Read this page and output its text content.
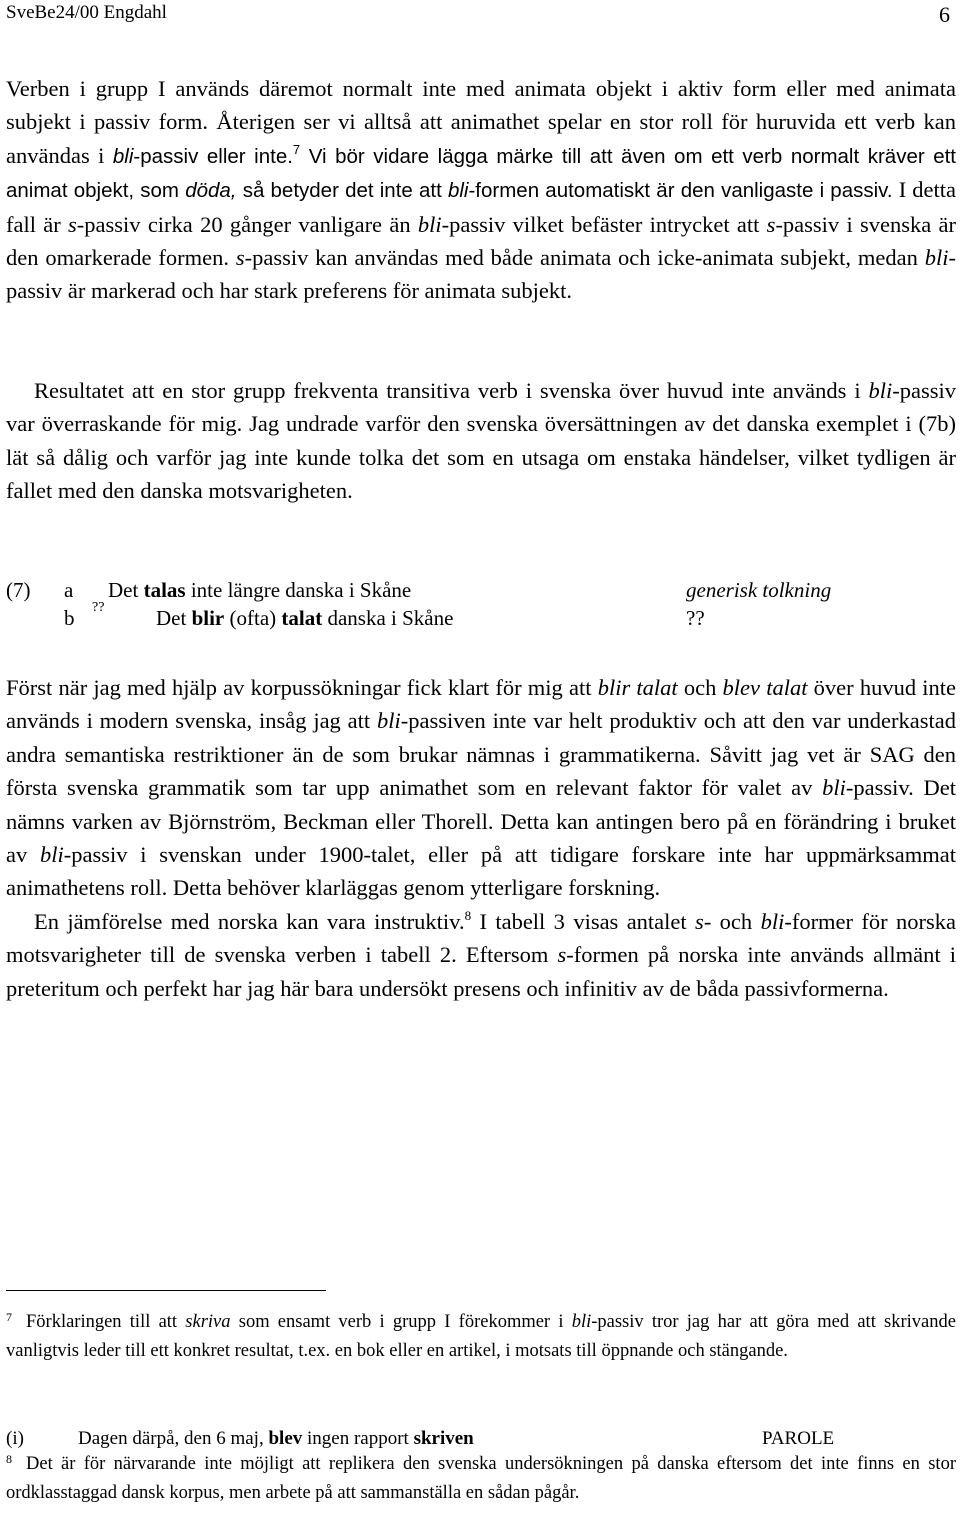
SveBe24/00 Engdahl	6

Verben i grupp I används däremot normalt inte med animata objekt i aktiv form eller med animata subjekt i passiv form. Återigen ser vi alltså att animathet spelar en stor roll för huruvida ett verb kan användas i bli-passiv eller inte.$^7$ Vi bör vidare lägga märke till att även om ett verb normalt kräver ett animat objekt, som döda, så betyder det inte att bli-formen automatiskt är den vanligaste i passiv. I detta fall är s-passiv cirka 20 gånger vanligare än bli-passiv vilket befäster intrycket att s-passiv i svenska är den omarkerade formen. s-passiv kan användas med både animata och icke-animata subjekt, medan bli-passiv är markerad och har stark preferens för animata subjekt.

Resultatet att en stor grupp frekventa transitiva verb i svenska över huvud inte används i bli-passiv var överraskande för mig. Jag undrade varför den svenska översättningen av det danska exemplet i (7b) lät så dålig och varför jag inte kunde tolka det som en utsaga om enstaka händelser, vilket tydligen är fallet med den danska motsvarigheten.

(7) a Det talas inte längre danska i Skåne	generisk tolkning
b ?? Det blir (ofta) talat danska i Skåne	??

Först när jag med hjälp av korpussökningar fick klart för mig att blir talat och blev talat över huvud inte används i modern svenska, insåg jag att bli-passiven inte var helt produktiv och att den var underkastad andra semantiska restriktioner än de som brukar nämnas i grammatikerna. Såvitt jag vet är SAG den första svenska grammatik som tar upp animathet som en relevant faktor för valet av bli-passiv. Det nämns varken av Björnström, Beckman eller Thorell. Detta kan antingen bero på en förändring i bruket av bli-passiv i svenskan under 1900-talet, eller på att tidigare forskare inte har uppmärksammat animathetens roll. Detta behöver klarläggas genom ytterligare forskning.

En jämförelse med norska kan vara instruktiv.$^8$ I tabell 3 visas antalet s- och bli-former för norska motsvarigheter till de svenska verben i tabell 2. Eftersom s-formen på norska inte används allmänt i preteritum och perfekt har jag här bara undersökt presens och infinitiv av de båda passivformerna.

$^7$ Förklaringen till att skriva som ensamt verb i grupp I förekommer i bli-passiv tror jag har att göra med att skrivande vanligtvis leder till ett konkret resultat, t.ex. en bok eller en artikel, i motsats till öppnande och stängande.

(i)	Dagen därpå, den 6 maj, blev ingen rapport skriven	PAROLE

$^8$ Det är för närvarande inte möjligt att replikera den svenska undersökningen på danska eftersom det inte finns en stor ordklasstaggad dansk korpus, men arbete på att sammanställa en sådan pågår.
